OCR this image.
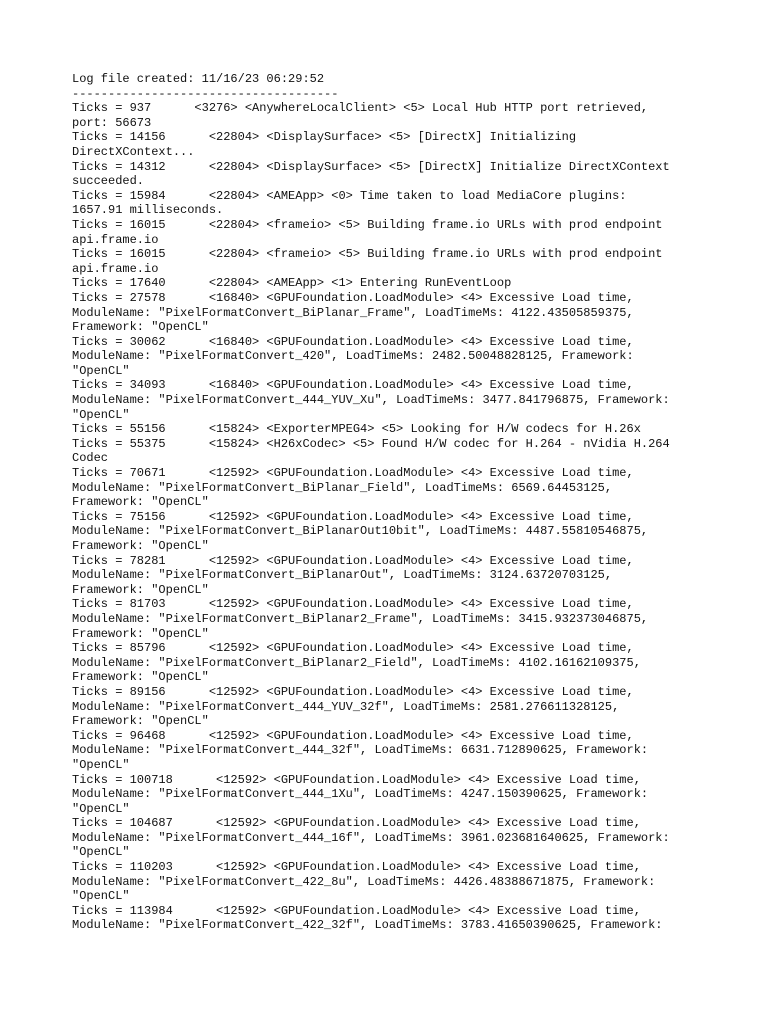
Log file created: 11/16/23 06:29:52
-------------------------------------
Ticks = 937      <3276> <AnywhereLocalClient> <5> Local Hub HTTP port retrieved,
port: 56673
Ticks = 14156      <22804> <DisplaySurface> <5> [DirectX] Initializing
DirectXContext...
Ticks = 14312      <22804> <DisplaySurface> <5> [DirectX] Initialize DirectXContext
succeeded.
Ticks = 15984      <22804> <AMEApp> <0> Time taken to load MediaCore plugins:
1657.91 milliseconds.
Ticks = 16015      <22804> <frameio> <5> Building frame.io URLs with prod endpoint
api.frame.io
Ticks = 16015      <22804> <frameio> <5> Building frame.io URLs with prod endpoint
api.frame.io
Ticks = 17640      <22804> <AMEApp> <1> Entering RunEventLoop
Ticks = 27578      <16840> <GPUFoundation.LoadModule> <4> Excessive Load time,
ModuleName: "PixelFormatConvert_BiPlanar_Frame", LoadTimeMs: 4122.43505859375,
Framework: "OpenCL"
Ticks = 30062      <16840> <GPUFoundation.LoadModule> <4> Excessive Load time,
ModuleName: "PixelFormatConvert_420", LoadTimeMs: 2482.50048828125, Framework:
"OpenCL"
Ticks = 34093      <16840> <GPUFoundation.LoadModule> <4> Excessive Load time,
ModuleName: "PixelFormatConvert_444_YUV_Xu", LoadTimeMs: 3477.841796875, Framework:
"OpenCL"
Ticks = 55156      <15824> <ExporterMPEG4> <5> Looking for H/W codecs for H.26x
Ticks = 55375      <15824> <H26xCodec> <5> Found H/W codec for H.264 - nVidia H.264
Codec
Ticks = 70671      <12592> <GPUFoundation.LoadModule> <4> Excessive Load time,
ModuleName: "PixelFormatConvert_BiPlanar_Field", LoadTimeMs: 6569.64453125,
Framework: "OpenCL"
Ticks = 75156      <12592> <GPUFoundation.LoadModule> <4> Excessive Load time,
ModuleName: "PixelFormatConvert_BiPlanarOut10bit", LoadTimeMs: 4487.55810546875,
Framework: "OpenCL"
Ticks = 78281      <12592> <GPUFoundation.LoadModule> <4> Excessive Load time,
ModuleName: "PixelFormatConvert_BiPlanarOut", LoadTimeMs: 3124.63720703125,
Framework: "OpenCL"
Ticks = 81703      <12592> <GPUFoundation.LoadModule> <4> Excessive Load time,
ModuleName: "PixelFormatConvert_BiPlanar2_Frame", LoadTimeMs: 3415.932373046875,
Framework: "OpenCL"
Ticks = 85796      <12592> <GPUFoundation.LoadModule> <4> Excessive Load time,
ModuleName: "PixelFormatConvert_BiPlanar2_Field", LoadTimeMs: 4102.16162109375,
Framework: "OpenCL"
Ticks = 89156      <12592> <GPUFoundation.LoadModule> <4> Excessive Load time,
ModuleName: "PixelFormatConvert_444_YUV_32f", LoadTimeMs: 2581.276611328125,
Framework: "OpenCL"
Ticks = 96468      <12592> <GPUFoundation.LoadModule> <4> Excessive Load time,
ModuleName: "PixelFormatConvert_444_32f", LoadTimeMs: 6631.712890625, Framework:
"OpenCL"
Ticks = 100718      <12592> <GPUFoundation.LoadModule> <4> Excessive Load time,
ModuleName: "PixelFormatConvert_444_1Xu", LoadTimeMs: 4247.150390625, Framework:
"OpenCL"
Ticks = 104687      <12592> <GPUFoundation.LoadModule> <4> Excessive Load time,
ModuleName: "PixelFormatConvert_444_16f", LoadTimeMs: 3961.023681640625, Framework:
"OpenCL"
Ticks = 110203      <12592> <GPUFoundation.LoadModule> <4> Excessive Load time,
ModuleName: "PixelFormatConvert_422_8u", LoadTimeMs: 4426.48388671875, Framework:
"OpenCL"
Ticks = 113984      <12592> <GPUFoundation.LoadModule> <4> Excessive Load time,
ModuleName: "PixelFormatConvert_422_32f", LoadTimeMs: 3783.41650390625, Framework:
